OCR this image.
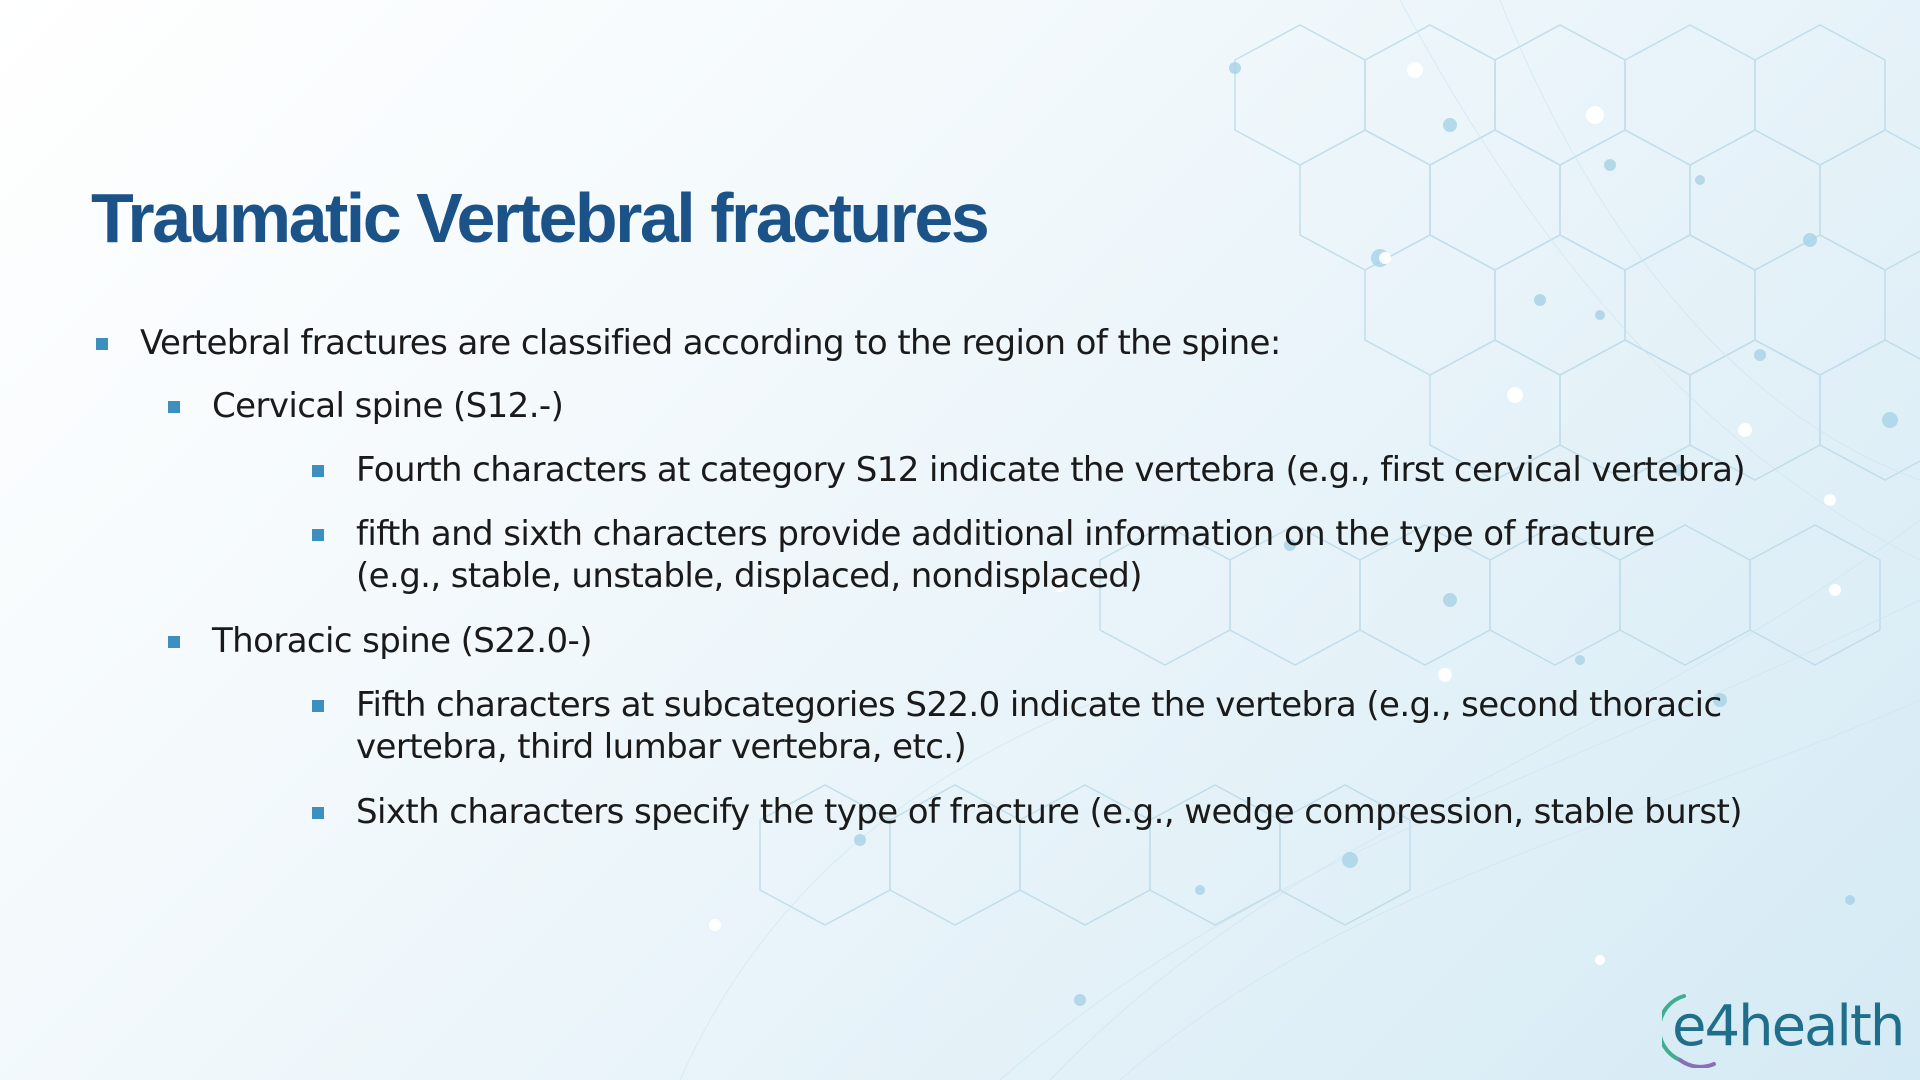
Traumatic Vertebral fractures
Vertebral fractures are classified according to the region of the spine:
Cervical spine (S12.-)
Fourth characters at category S12 indicate the vertebra (e.g., first cervical vertebra)
fifth and sixth characters provide additional information on the type of fracture (e.g., stable, unstable, displaced, nondisplaced)
Thoracic spine (S22.0-)
Fifth characters at subcategories S22.0 indicate the vertebra (e.g., second thoracic vertebra, third lumbar vertebra, etc.)
Sixth characters specify the type of fracture (e.g., wedge compression, stable burst)
e4health
